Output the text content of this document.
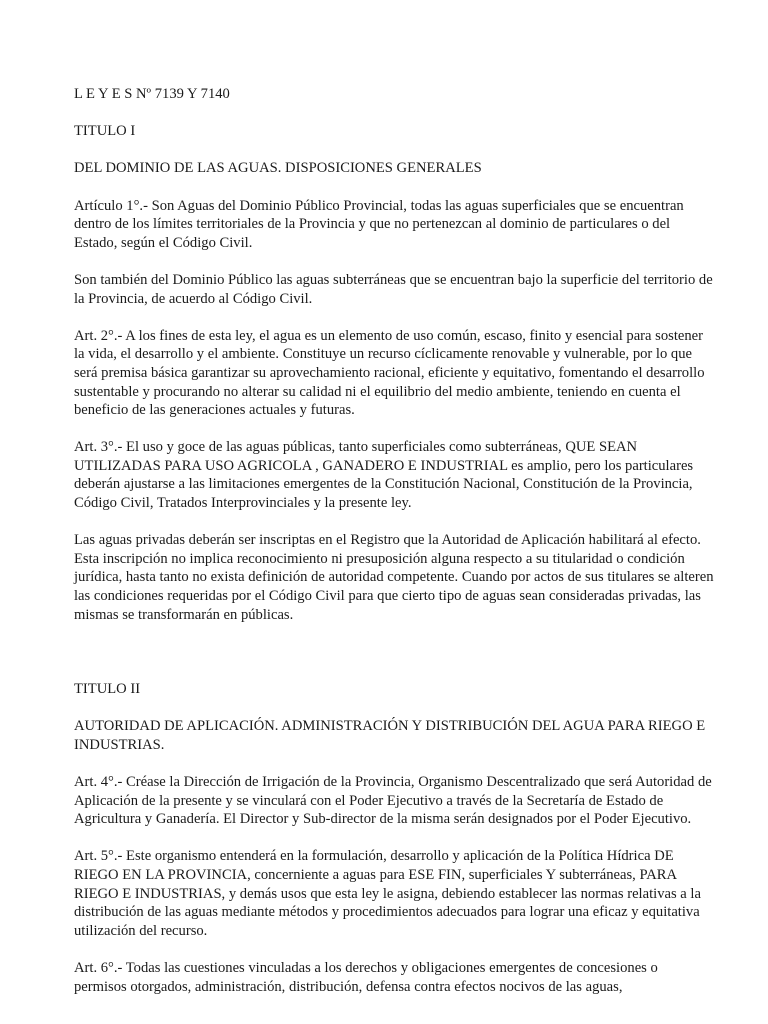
L E Y E S Nº 7139 Y 7140

TITULO I

DEL DOMINIO DE LAS AGUAS. DISPOSICIONES GENERALES

Artículo 1°.- Son Aguas del Dominio Público Provincial, todas las aguas superficiales que se encuentran dentro de los límites territoriales de la Provincia y que no pertenezcan al dominio de particulares o del Estado, según el Código Civil.

Son también del Dominio Público las aguas subterráneas que se encuentran bajo la superficie del territorio de la Provincia, de acuerdo al Código Civil.

Art. 2°.- A los fines de esta ley, el agua es un elemento de uso común, escaso, finito y esencial para sostener la vida, el desarrollo y el ambiente. Constituye un recurso cíclicamente renovable y vulnerable, por lo que será premisa básica garantizar su aprovechamiento racional, eficiente y equitativo, fomentando el desarrollo sustentable y procurando no alterar su calidad ni el equilibrio del medio ambiente, teniendo en cuenta el beneficio de las generaciones actuales y futuras.

Art. 3°.- El uso y goce de las aguas públicas, tanto superficiales como subterráneas, QUE SEAN UTILIZADAS PARA USO AGRICOLA , GANADERO E INDUSTRIAL es amplio, pero los particulares deberán ajustarse a las limitaciones emergentes de la Constitución Nacional, Constitución de la Provincia, Código Civil, Tratados Interprovinciales y la presente ley.

Las aguas privadas deberán ser inscriptas en el Registro que la Autoridad de Aplicación habilitará al efecto. Esta inscripción no implica reconocimiento ni presuposición alguna respecto a su titularidad o condición jurídica, hasta tanto no exista definición de autoridad competente. Cuando por actos de sus titulares se alteren las condiciones requeridas por el Código Civil para que cierto tipo de aguas sean consideradas privadas, las mismas se transformarán en públicas.

TITULO II

AUTORIDAD DE APLICACIÓN. ADMINISTRACIÓN Y DISTRIBUCIÓN DEL AGUA PARA RIEGO E INDUSTRIAS.

Art. 4°.- Créase la Dirección de Irrigación de la Provincia, Organismo Descentralizado que será Autoridad de Aplicación de la presente y se vinculará con el Poder Ejecutivo a través de la Secretaría de Estado de Agricultura y Ganadería. El Director y Sub-director de la misma serán designados por el Poder Ejecutivo.

Art. 5°.- Este organismo entenderá en la formulación, desarrollo y aplicación de la Política Hídrica DE RIEGO EN LA PROVINCIA, concerniente a aguas para ESE FIN, superficiales Y subterráneas, PARA RIEGO E INDUSTRIAS, y demás usos que esta ley le asigna, debiendo establecer las normas relativas a la distribución de las aguas mediante métodos y procedimientos adecuados para lograr una eficaz y equitativa utilización del recurso.

Art. 6°.- Todas las cuestiones vinculadas a los derechos y obligaciones emergentes de concesiones o permisos otorgados, administración, distribución, defensa contra efectos nocivos de las aguas,
